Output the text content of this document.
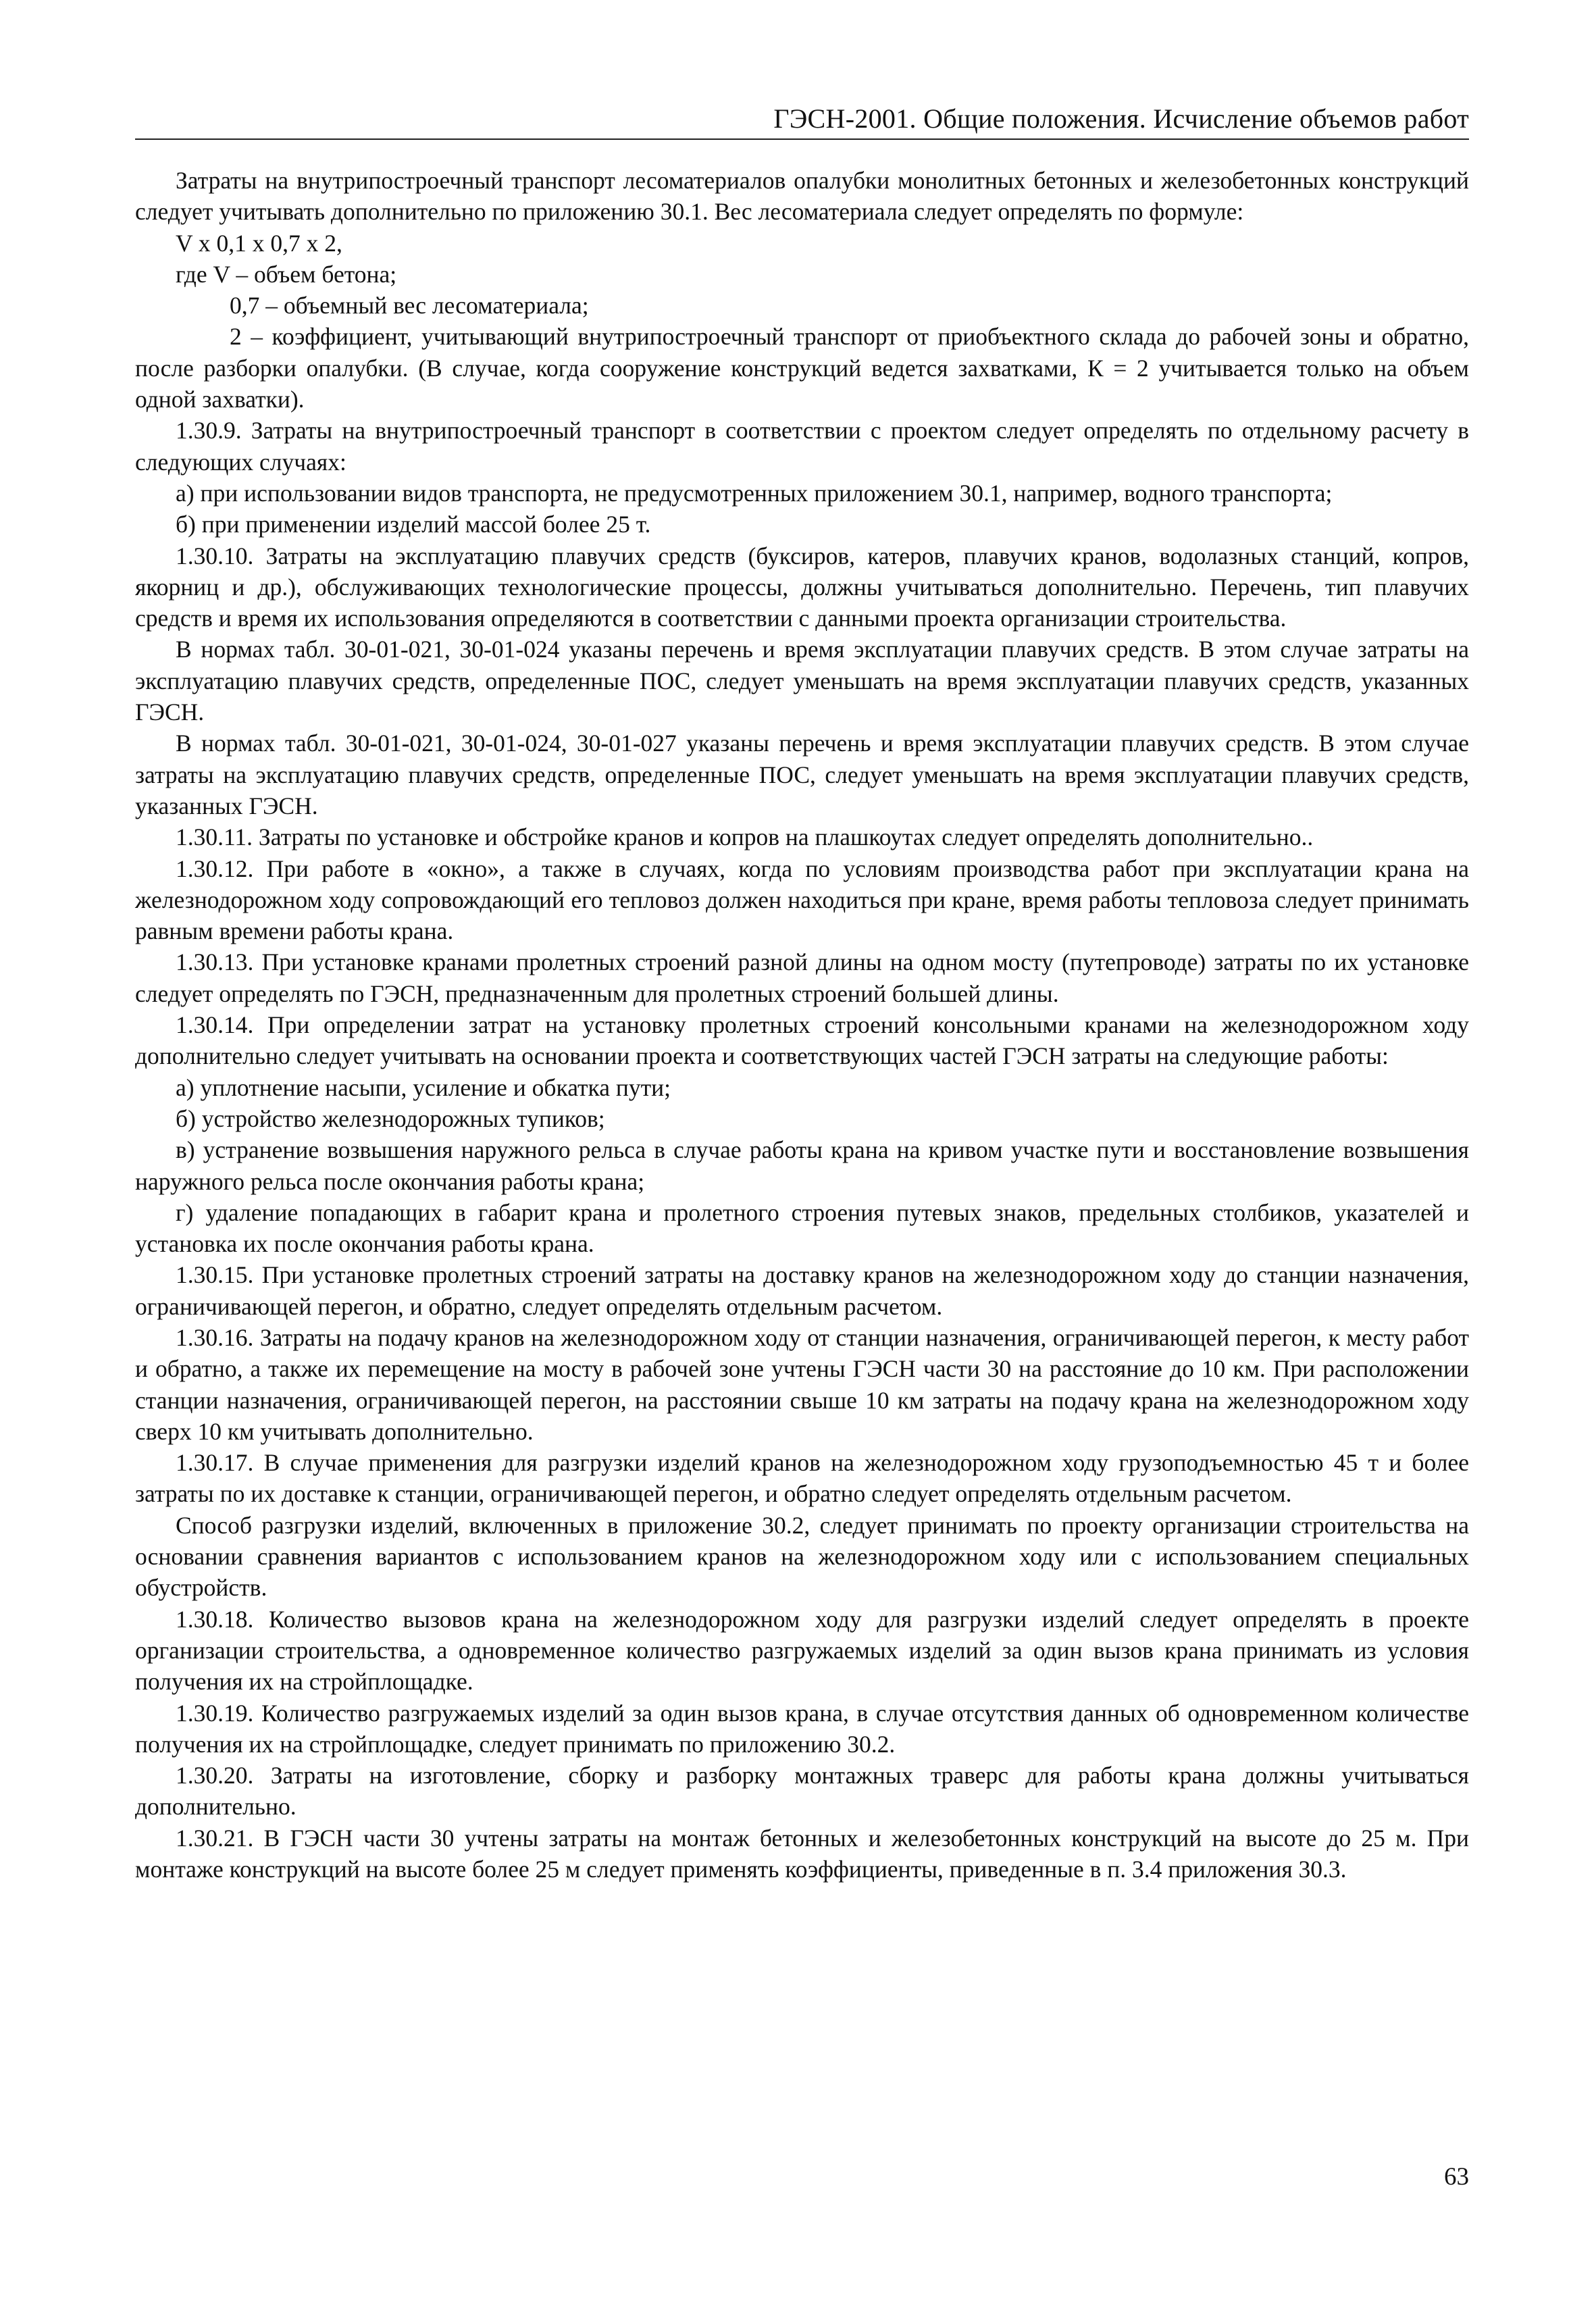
ГЭСН-2001. Общие положения. Исчисление объемов работ

Затраты на внутрипостроечный транспорт лесоматериалов опалубки монолитных бетонных и железобетонных конструкций следует учитывать дополнительно по приложению 30.1. Вес лесоматериала следует определять по формуле:

V x 0,1 x 0,7 x 2,

где V – объем бетона;

0,7 – объемный вес лесоматериала;

2 – коэффициент, учитывающий внутрипостроечный транспорт от приобъектного склада до рабочей зоны и обратно, после разборки опалубки. (В случае, когда сооружение конструкций ведется захватками, К = 2 учитывается только на объем одной захватки).

1.30.9. Затраты на внутрипостроечный транспорт в соответствии с проектом следует определять по отдельному расчету в следующих случаях:

а) при использовании видов транспорта, не предусмотренных приложением 30.1, например, водного транспорта;

б) при применении изделий массой более 25 т.

1.30.10. Затраты на эксплуатацию плавучих средств (буксиров, катеров, плавучих кранов, водолазных станций, копров, якорниц и др.), обслуживающих технологические процессы, должны учитываться дополнительно. Перечень, тип плавучих средств и время их использования определяются в соответствии с данными проекта организации строительства.

В нормах табл. 30-01-021, 30-01-024 указаны перечень и время эксплуатации плавучих средств. В этом случае затраты на эксплуатацию плавучих средств, определенные ПОС, следует уменьшать на время эксплуатации плавучих средств, указанных ГЭСН.

В нормах табл. 30-01-021, 30-01-024, 30-01-027 указаны перечень и время эксплуатации плавучих средств. В этом случае затраты на эксплуатацию плавучих средств, определенные ПОС, следует уменьшать на время эксплуатации плавучих средств, указанных ГЭСН.

1.30.11. Затраты по установке и обстройке кранов и копров на плашкоутах следует определять дополнительно..

1.30.12. При работе в «окно», а также в случаях, когда по условиям производства работ при эксплуатации крана на железнодорожном ходу сопровождающий его тепловоз должен находиться при кране, время работы тепловоза следует принимать равным времени работы крана.

1.30.13. При установке кранами пролетных строений разной длины на одном мосту (путепроводе) затраты по их установке следует определять по ГЭСН, предназначенным для пролетных строений большей длины.

1.30.14. При определении затрат на установку пролетных строений консольными кранами на железнодорожном ходу дополнительно следует учитывать на основании проекта и соответствующих частей ГЭСН затраты на следующие работы:

а) уплотнение насыпи, усиление и обкатка пути;

б) устройство железнодорожных тупиков;

в) устранение возвышения наружного рельса в случае работы крана на кривом участке пути и восстановление возвышения наружного рельса после окончания работы крана;

г) удаление попадающих в габарит крана и пролетного строения путевых знаков, предельных столбиков, указателей и установка их после окончания работы крана.

1.30.15. При установке пролетных строений затраты на доставку кранов на железнодорожном ходу до станции назначения, ограничивающей перегон, и обратно, следует определять отдельным расчетом.

1.30.16. Затраты на подачу кранов на железнодорожном ходу от станции назначения, ограничивающей перегон, к месту работ и обратно, а также их перемещение на мосту в рабочей зоне учтены ГЭСН части 30 на расстояние до 10 км. При расположении станции назначения, ограничивающей перегон, на расстоянии свыше 10 км затраты на подачу крана на железнодорожном ходу сверх 10 км учитывать дополнительно.

1.30.17. В случае применения для разгрузки изделий кранов на железнодорожном ходу грузоподъемностью 45 т и более затраты по их доставке к станции, ограничивающей перегон, и обратно следует определять отдельным расчетом.

Способ разгрузки изделий, включенных в приложение 30.2, следует принимать по проекту организации строительства на основании сравнения вариантов с использованием кранов на железнодорожном ходу или с использованием специальных обустройств.

1.30.18. Количество вызовов крана на железнодорожном ходу для разгрузки изделий следует определять в проекте организации строительства, а одновременное количество разгружаемых изделий за один вызов крана принимать из условия получения их на стройплощадке.

1.30.19. Количество разгружаемых изделий за один вызов крана, в случае отсутствия данных об одновременном количестве получения их на стройплощадке, следует принимать по приложению 30.2.

1.30.20. Затраты на изготовление, сборку и разборку монтажных траверс для работы крана должны учитываться дополнительно.

1.30.21. В ГЭСН части 30 учтены затраты на монтаж бетонных и железобетонных конструкций на высоте до 25 м. При монтаже конструкций на высоте более 25 м следует применять коэффициенты, приведенные в п. 3.4 приложения 30.3.

63
